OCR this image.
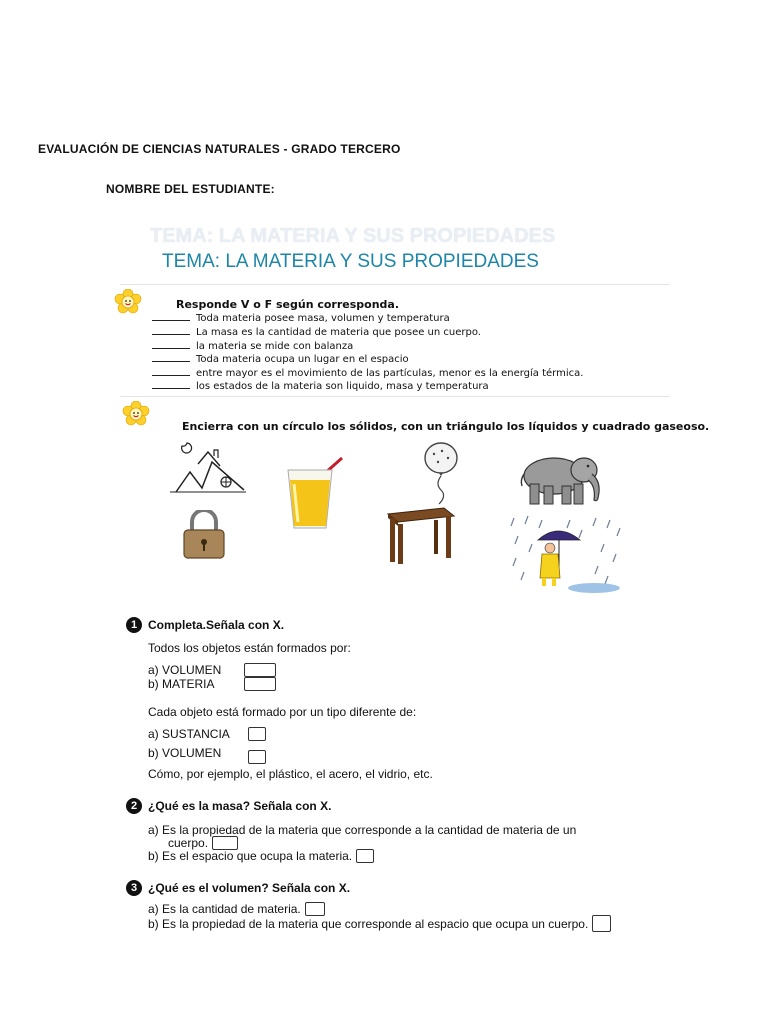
EVALUACIÓN DE CIENCIAS NATURALES - GRADO TERCERO
NOMBRE DEL ESTUDIANTE:
TEMA: LA MATERIA Y SUS PROPIEDADES
TEMA: LA MATERIA Y SUS PROPIEDADES
Responde V o F según corresponda.
Toda materia posee masa, volumen y temperatura
La masa es la cantidad de materia que posee un cuerpo.
la materia se mide con balanza
Toda materia ocupa un lugar en el espacio
entre mayor es el movimiento de las partículas, menor es la energía térmica.
los estados de la materia son liquido, masa y temperatura
Encierra con un círculo los sólidos, con un triángulo los líquidos y cuadrado gaseoso.
1 Completa.Señala con X.
Todos los objetos están formados por:
a) VOLUMEN
b) MATERIA
Cada objeto está formado por un tipo diferente de:
a) SUSTANCIA
b) VOLUMEN
Cómo, por ejemplo, el plástico, el acero, el vidrio, etc.
2 ¿Qué es la masa? Señala con X.
a) Es la propiedad de la materia que corresponde a la cantidad de materia de un
cuerpo.
b) Es el espacio que ocupa la materia.
3 ¿Qué es el volumen? Señala con X.
a) Es la cantidad de materia.
b) Es la propiedad de la materia que corresponde al espacio que ocupa un cuerpo.
